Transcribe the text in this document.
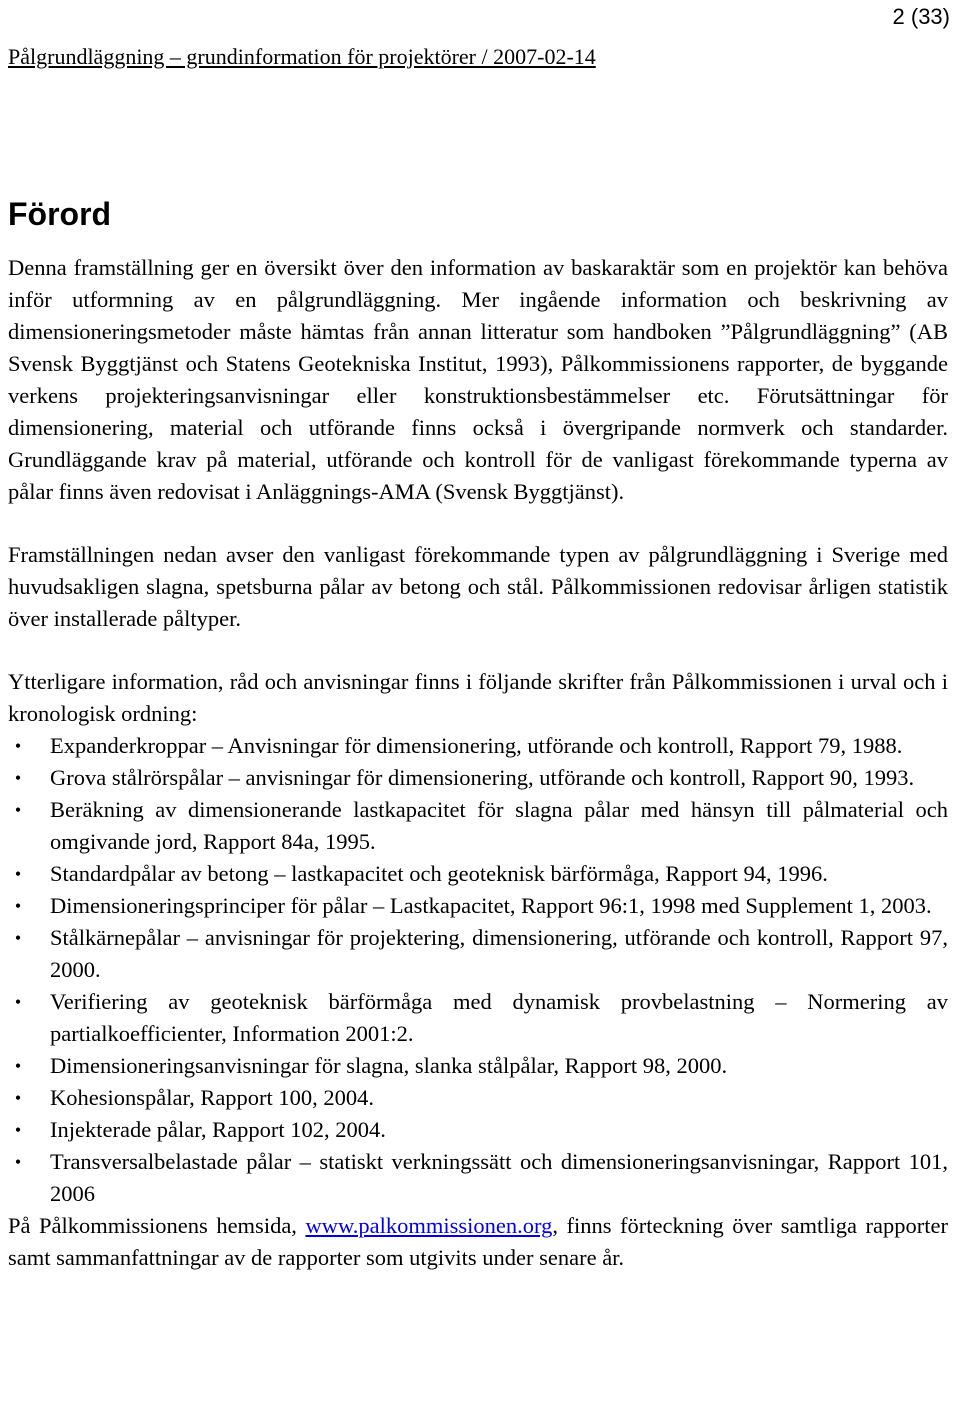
2 (33)
Pålgrundläggning – grundinformation för projektörer / 2007-02-14
Förord

Denna framställning ger en översikt över den information av baskaraktär som en projektör kan behöva inför utformning av en pålgrundläggning. Mer ingående information och beskrivning av dimensioneringsmetoder måste hämtas från annan litteratur som handboken ”Pålgrundläggning” (AB Svensk Byggtjänst och Statens Geotekniska Institut, 1993), Pålkommissionens rapporter, de byggande verkens projekteringsanvisningar eller konstruktionsbestämmelser etc. Förutsättningar för dimensionering, material och utförande finns också i övergripande normverk och standarder. Grundläggande krav på material, utförande och kontroll för de vanligast förekommande typerna av pålar finns även redovisat i Anläggnings-AMA (Svensk Byggtjänst).

Framställningen nedan avser den vanligast förekommande typen av pålgrundläggning i Sverige med huvudsakligen slagna, spetsburna pålar av betong och stål. Pålkommissionen redovisar årligen statistik över installerade påltyper.

Ytterligare information, råd och anvisningar finns i följande skrifter från Pålkommissionen i urval och i kronologisk ordning:

•	Expanderkroppar – Anvisningar för dimensionering, utförande och kontroll, Rapport 79, 1988.
•	Grova stålrörspålar – anvisningar för dimensionering, utförande och kontroll, Rapport 90, 1993.
•	Beräkning av dimensionerande lastkapacitet för slagna pålar med hänsyn till pålmaterial och omgivande jord, Rapport 84a, 1995.
•	Standardpålar av betong – lastkapacitet och geoteknisk bärförmåga, Rapport 94, 1996.
•	Dimensioneringsprinciper för pålar – Lastkapacitet, Rapport 96:1, 1998 med Supplement 1, 2003.
•	Stålkärnepålar – anvisningar för projektering, dimensionering, utförande och kontroll, Rapport 97, 2000.
•	Verifiering av geoteknisk bärförmåga med dynamisk provbelastning – Normering av partialkoefficienter, Information 2001:2.
•	Dimensioneringsanvisningar för slagna, slanka stålpålar, Rapport 98, 2000.
•	Kohesionspålar, Rapport 100, 2004.
•	Injekterade pålar, Rapport 102, 2004.
•	Transversalbelastade pålar – statiskt verkningssätt och dimensioneringsanvisningar, Rapport 101, 2006

På Pålkommissionens hemsida, www.palkommissionen.org, finns förteckning över samtliga rapporter samt sammanfattningar av de rapporter som utgivits under senare år.
